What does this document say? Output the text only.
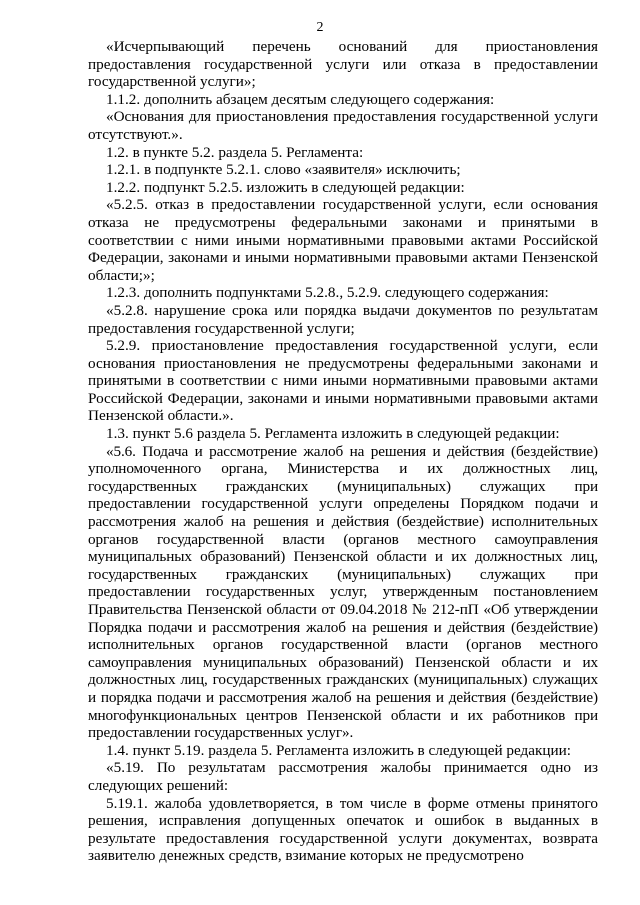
2

«Исчерпывающий перечень оснований для приостановления предоставления государственной услуги или отказа в предоставлении государственной услуги»;

1.1.2. дополнить абзацем десятым следующего содержания:

«Основания для приостановления предоставления государственной услуги отсутствуют.».

1.2. в пункте 5.2. раздела 5. Регламента:

1.2.1. в подпункте 5.2.1. слово «заявителя» исключить;

1.2.2. подпункт 5.2.5. изложить в следующей редакции:

«5.2.5. отказ в предоставлении государственной услуги, если основания отказа не предусмотрены федеральными законами и принятыми в соответствии с ними иными нормативными правовыми актами Российской Федерации, законами и иными нормативными правовыми актами Пензенской области;»;

1.2.3. дополнить подпунктами 5.2.8., 5.2.9. следующего содержания:

«5.2.8. нарушение срока или порядка выдачи документов по результатам предоставления государственной услуги;

5.2.9. приостановление предоставления государственной услуги, если основания приостановления не предусмотрены федеральными законами и принятыми в соответствии с ними иными нормативными правовыми актами Российской Федерации, законами и иными нормативными правовыми актами Пензенской области.».

1.3. пункт 5.6 раздела 5. Регламента изложить в следующей редакции:

«5.6. Подача и рассмотрение жалоб на решения и действия (бездействие) уполномоченного органа, Министерства и их должностных лиц, государственных гражданских (муниципальных) служащих при предоставлении государственной услуги определены Порядком подачи и рассмотрения жалоб на решения и действия (бездействие) исполнительных органов государственной власти (органов местного самоуправления муниципальных образований) Пензенской области и их должностных лиц, государственных гражданских (муниципальных) служащих при предоставлении государственных услуг, утвержденным постановлением Правительства Пензенской области от 09.04.2018 № 212-пП «Об утверждении Порядка подачи и рассмотрения жалоб на решения и действия (бездействие) исполнительных органов государственной власти (органов местного самоуправления муниципальных образований) Пензенской области и их должностных лиц, государственных гражданских (муниципальных) служащих и порядка подачи и рассмотрения жалоб на решения и действия (бездействие) многофункциональных центров Пензенской области и их работников при предоставлении государственных услуг».

1.4. пункт 5.19. раздела 5. Регламента изложить в следующей редакции:

«5.19. По результатам рассмотрения жалобы принимается одно из следующих решений:

5.19.1. жалоба удовлетворяется, в том числе в форме отмены принятого решения, исправления допущенных опечаток и ошибок в выданных в результате предоставления государственной услуги документах, возврата заявителю денежных средств, взимание которых не предусмотрено
